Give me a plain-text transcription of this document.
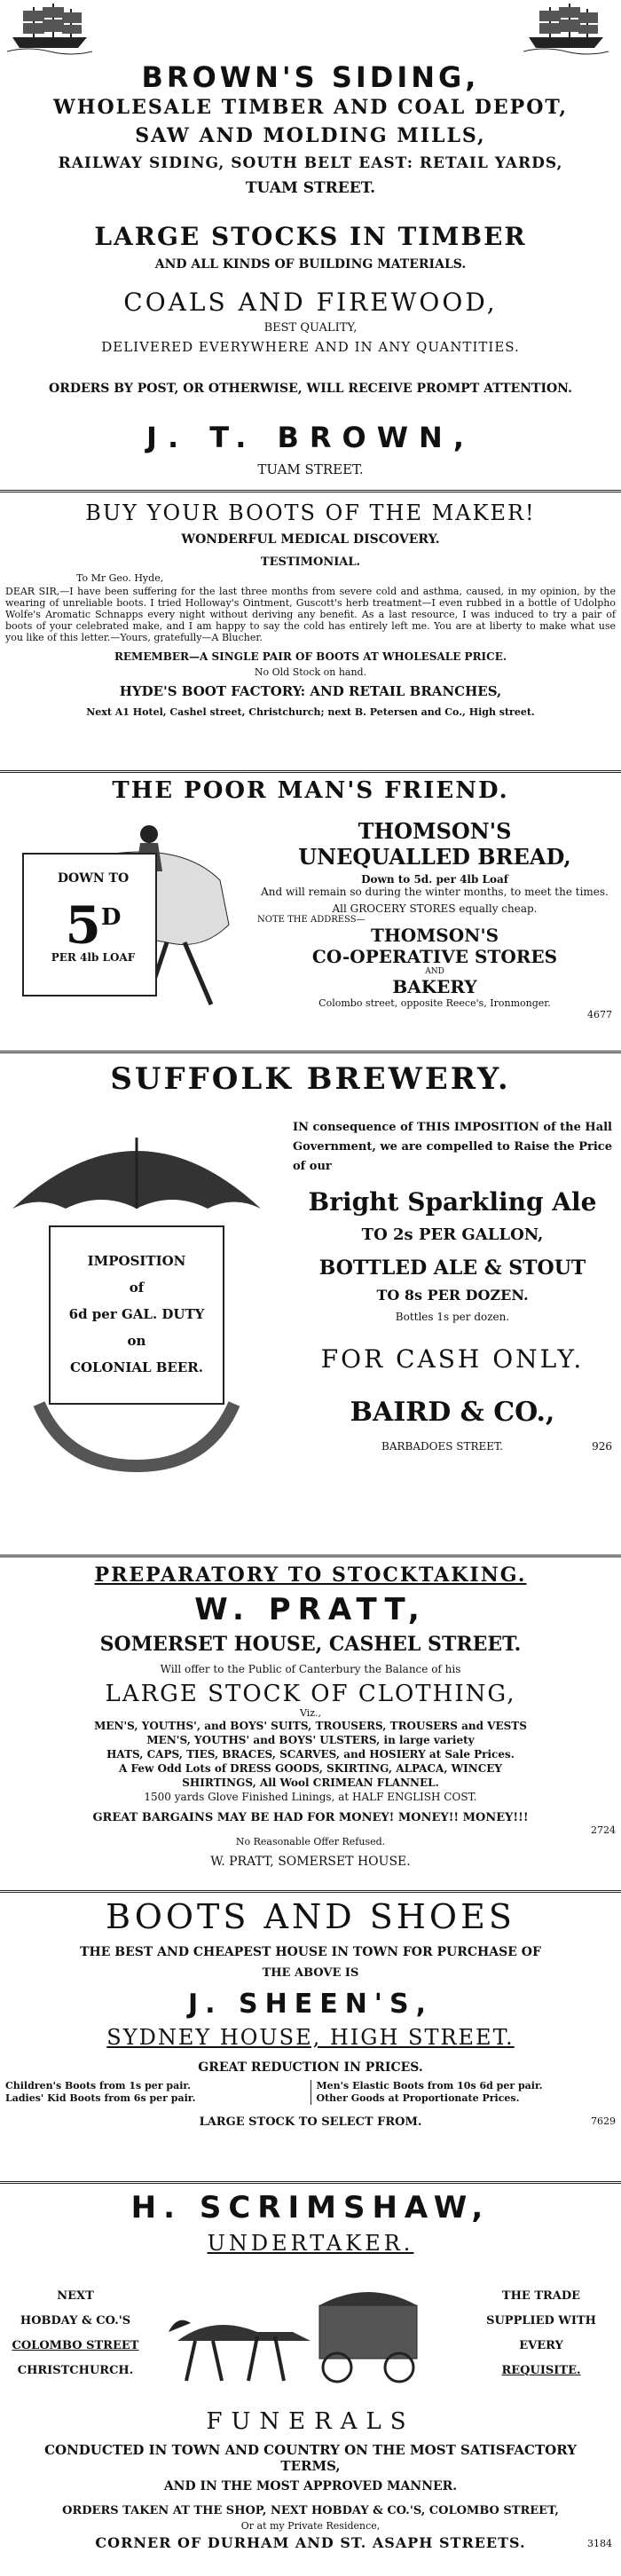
BROWN'S SIDING,

WHOLESALE TIMBER AND COAL DEPOT,

SAW AND MOLDING MILLS,

RAILWAY SIDING, SOUTH BELT EAST: RETAIL YARDS,

TUAM STREET.

LARGE STOCKS IN TIMBER

AND ALL KINDS OF BUILDING MATERIALS.

COALS AND FIREWOOD,

BEST QUALITY,

DELIVERED EVERYWHERE AND IN ANY QUANTITIES.

ORDERS BY POST, OR OTHERWISE, WILL RECEIVE PROMPT ATTENTION.

J. T. BROWN,

TUAM STREET.

BUY YOUR BOOTS OF THE MAKER!

WONDERFUL MEDICAL DISCOVERY.

TESTIMONIAL.

To Mr Geo. Hyde,

DEAR SIR,—I have been suffering for the last three months from severe cold and asthma, caused, in my opinion, by the wearing of unreliable boots. I tried Holloway's Ointment, Guscott's herb treatment—I even rubbed in a bottle of Udolpho Wolfe's Aromatic Schnapps every night without deriving any benefit. As a last resource, I was induced to try a pair of boots of your celebrated make, and I am happy to say the cold has entirely left me. You are at liberty to make what use you like of this letter.—Yours, gratefully—A Blucher.

REMEMBER—A SINGLE PAIR OF BOOTS AT WHOLESALE PRICE.

No Old Stock on hand.

HYDE'S BOOT FACTORY: AND RETAIL BRANCHES,

Next A1 Hotel, Cashel street, Christchurch; next B. Petersen and Co., High street.

THE POOR MAN'S FRIEND.

DOWN TO

$5^D$

PER 4lb LOAF

THOMSON'S

UNEQUALLED BREAD,

Down to 5d. per 4lb Loaf

And will remain so during the winter months, to meet the times.

All GROCERY STORES equally cheap.

NOTE THE ADDRESS—

THOMSON'S

CO-OPERATIVE STORES

AND

BAKERY

Colombo street, opposite Reece's, Ironmonger.

4677

SUFFOLK BREWERY.

IMPOSITION

of

6d per GAL. DUTY

on

COLONIAL BEER.

IN consequence of THIS IMPOSITION of the Hall Government, we are compelled to Raise the Price of our

Bright Sparkling Ale

TO 2s PER GALLON,

BOTTLED ALE & STOUT

TO 8s PER DOZEN.

Bottles 1s per dozen.

FOR CASH ONLY.

BAIRD & CO.,

BARBADOES STREET.	926

PREPARATORY TO STOCKTAKING.

W. PRATT,

SOMERSET HOUSE, CASHEL STREET.

Will offer to the Public of Canterbury the Balance of his

LARGE STOCK OF CLOTHING,

Viz.,

MEN'S, YOUTHS', and BOYS' SUITS, TROUSERS, TROUSERS and VESTS

MEN'S, YOUTHS' and BOYS' ULSTERS, in large variety

HATS, CAPS, TIES, BRACES, SCARVES, and HOSIERY at Sale Prices.

A Few Odd Lots of DRESS GOODS, SKIRTING, ALPACA, WINCEY

SHIRTINGS, All Wool CRIMEAN FLANNEL.

1500 yards Glove Finished Linings, at HALF ENGLISH COST.

GREAT BARGAINS MAY BE HAD FOR MONEY! MONEY!! MONEY!!!

2724

No Reasonable Offer Refused.

W. PRATT, SOMERSET HOUSE.

BOOTS AND SHOES

THE BEST AND CHEAPEST HOUSE IN TOWN FOR PURCHASE OF

THE ABOVE IS

J. SHEEN'S,

SYDNEY HOUSE, HIGH STREET.

GREAT REDUCTION IN PRICES.

Children's Boots from 1s per pair.

Ladies' Kid Boots from 6s per pair.

Men's Elastic Boots from 10s 6d per pair.

Other Goods at Proportionate Prices.

LARGE STOCK TO SELECT FROM.	7629

H. SCRIMSHAW,

UNDERTAKER.

NEXT

HOBDAY & CO.'S

COLOMBO STREET

CHRISTCHURCH.

THE TRADE

SUPPLIED WITH

EVERY

REQUISITE.

FUNERALS

CONDUCTED IN TOWN AND COUNTRY ON THE MOST SATISFACTORY TERMS,

AND IN THE MOST APPROVED MANNER.

ORDERS TAKEN AT THE SHOP, NEXT HOBDAY & CO.'S, COLOMBO STREET,

Or at my Private Residence,

CORNER OF DURHAM AND ST. ASAPH STREETS.	3184
